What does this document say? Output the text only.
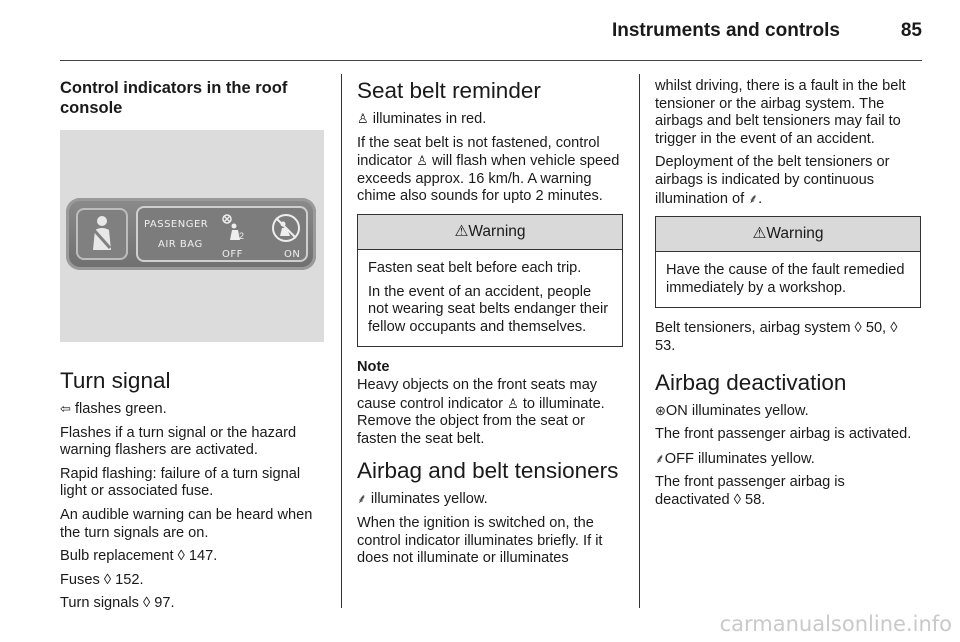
Instruments and controls	85
Control indicators in the roof console
PASSENGER
AIR BAG
2
OFF	ON
Turn signal

⇦ flashes green.

Flashes if a turn signal or the hazard warning flashers are activated.

Rapid flashing: failure of a turn signal light or associated fuse.

An audible warning can be heard when the turn signals are on.

Bulb replacement ◊ 147.

Fuses ◊ 152.

Turn signals ◊ 97.

Seat belt reminder

♙ illuminates in red.

If the seat belt is not fastened, control indicator ♙ will flash when vehicle speed exceeds approx. 16 km/h. A warning chime also sounds for upto 2 minutes.

⚠Warning

Fasten seat belt before each trip.

In the event of an accident, people not wearing seat belts endanger their fellow occupants and themselves.

Note

Heavy objects on the front seats may cause control indicator ♙ to illuminate. Remove the object from the seat or fasten the seat belt.

Airbag and belt tensioners

⸙ illuminates yellow.

When the ignition is switched on, the control indicator illuminates briefly. If it does not illuminate or illuminates

whilst driving, there is a fault in the belt tensioner or the airbag system. The airbags and belt tensioners may fail to trigger in the event of an accident.

Deployment of the belt tensioners or airbags is indicated by continuous illumination of ⸙.

⚠Warning

Have the cause of the fault remedied immediately by a workshop.

Belt tensioners, airbag system ◊ 50, ◊ 53.

Airbag deactivation

⊛ON illuminates yellow.

The front passenger airbag is activated.

⸙OFF illuminates yellow.

The front passenger airbag is deactivated ◊ 58.

carmanualsonline.info
